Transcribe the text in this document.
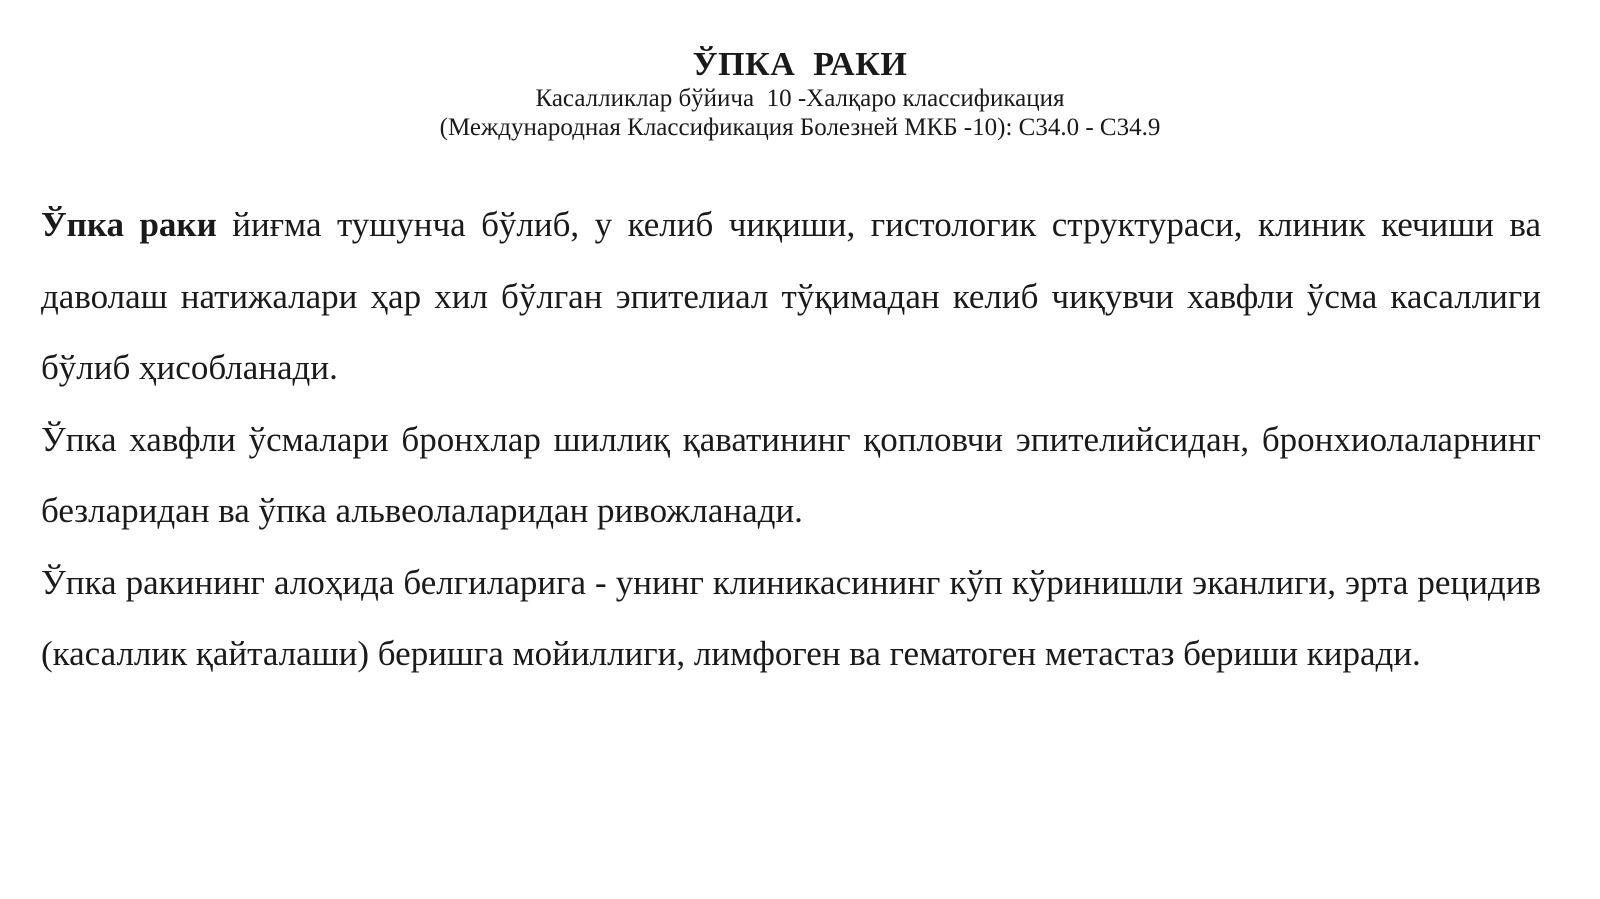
ЎПКА  РАКИ
Касалликлар бўйича  10 -Халқаро классификация
(Международная Классификация Болезней МКБ -10): С34.0 - С34.9

Ўпка раки йиғма тушунча бўлиб, у келиб чиқиши, гистологик структураси, клиник кечиши ва даволаш натижалари ҳар хил бўлган эпителиал тўқимадан келиб чиқувчи хавфли ўсма касаллиги бўлиб ҳисобланади.

Ўпка хавфли ўсмалари бронхлар шиллиқ қаватининг қопловчи эпителийсидан, бронхиолаларнинг безларидан ва ўпка альвеолаларидан ривожланади.

Ўпка ракининг алоҳида белгиларига - унинг клиникасининг кўп кўринишли эканлиги, эрта рецидив (касаллик қайталаши) беришга мойиллиги, лимфоген ва гематоген метастаз бериши киради.
